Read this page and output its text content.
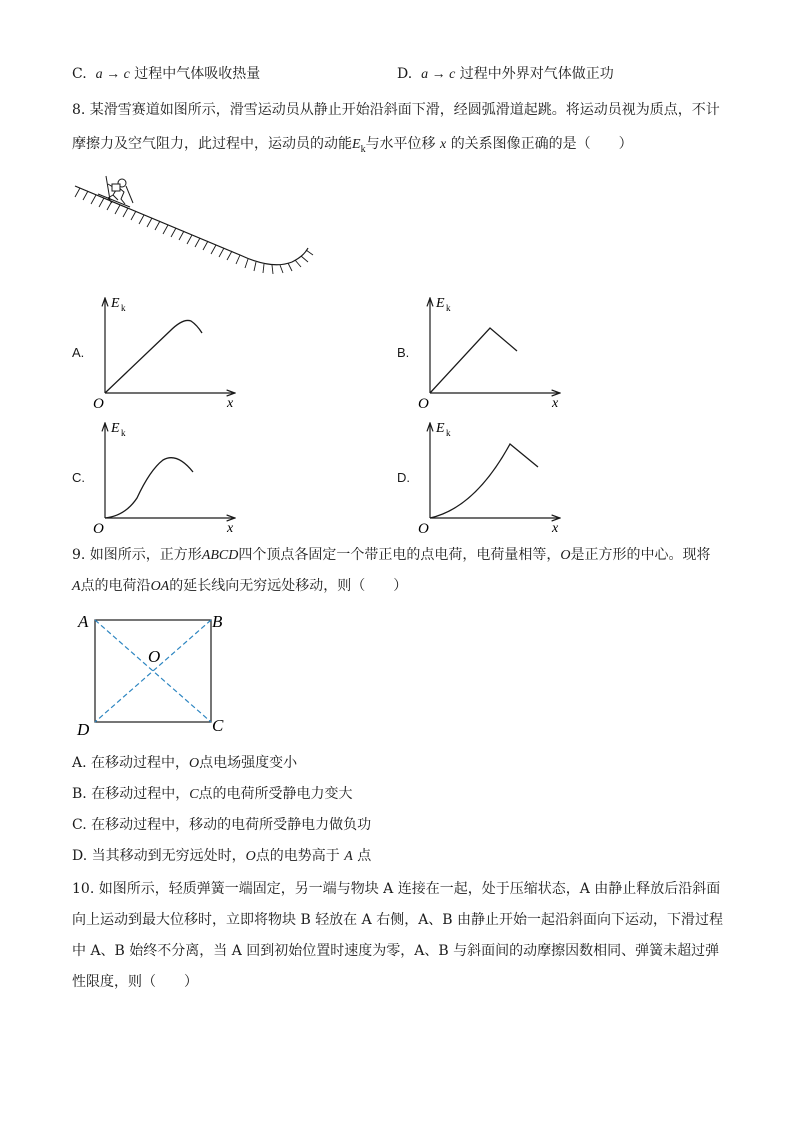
C. a → c 过程中气体吸收热量	D. a → c 过程中外界对气体做正功
8. 某滑雪赛道如图所示，滑雪运动员从静止开始沿斜面下滑，经圆弧滑道起跳。将运动员视为质点，不计
摩擦力及空气阻力，此过程中，运动员的动能$E_k$与水平位移 x 的关系图像正确的是（　　）
E k
x
O
E k
x
O
E k
x
O
E k
x
O
A.	B.
C.	D.
9. 如图所示，正方形ABCD四个顶点各固定一个带正电的点电荷，电荷量相等，O是正方形的中心。现将
A点的电荷沿OA的延长线向无穷远处移动，则（　　）
A	B
C
D
O
A. 在移动过程中，O点电场强度变小
B. 在移动过程中，C点的电荷所受静电力变大
C. 在移动过程中，移动的电荷所受静电力做负功
D. 当其移动到无穷远处时，O点的电势高于 A 点
10. 如图所示，轻质弹簧一端固定，另一端与物块 A 连接在一起，处于压缩状态，A 由静止释放后沿斜面
向上运动到最大位移时，立即将物块 B 轻放在 A 右侧，A、B 由静止开始一起沿斜面向下运动，下滑过程
中 A、B 始终不分离，当 A 回到初始位置时速度为零，A、B 与斜面间的动摩擦因数相同、弹簧未超过弹
性限度，则（　　）
